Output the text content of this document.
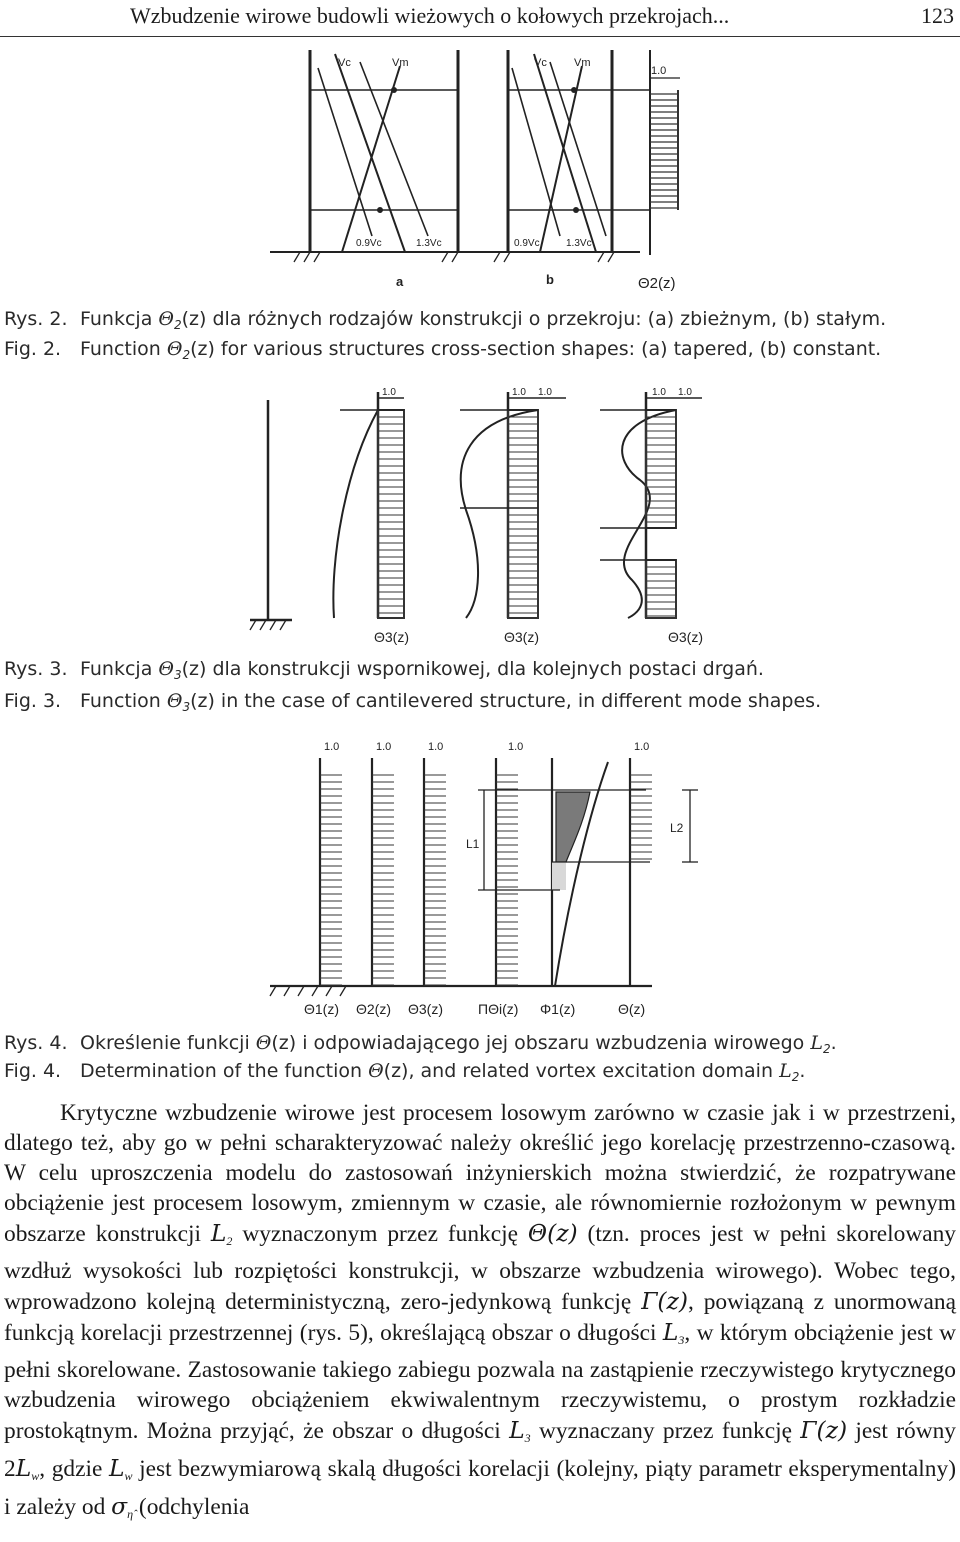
Wzbudzenie wirowe budowli wieżowych o kołowych przekrojach...	123
Vc	Vm	Vc Vm
1.0
0.9Vc	1.3Vc	0.9Vc	1.3Vc
a	b	Θ2(z)
Rys. 2. Funkcja $\Theta_2(z)$ dla różnych rodzajów konstrukcji o przekroju: (a) zbieżnym, (b) stałym.
Fig. 2. Function $\Theta_2(z)$ for various structures cross-section shapes: (a) tapered, (b) constant.
1.0	1.0 1.0	1.0 1.0
Θ3(z)	Θ3(z)	Θ3(z)
Rys. 3. Funkcja $\Theta_3(z)$ dla konstrukcji wspornikowej, dla kolejnych postaci drgań.
Fig. 3. Function $\Theta_3(z)$ in the case of cantilevered structure, in different mode shapes.
1.0	1.0	1.0	1.0	1.0
L1
L2
Θ1(z) Θ2(z) Θ3(z)	ΠΘi(z) Φ1(z)	Θ(z)
Rys. 4. Określenie funkcji Θ(z) i odpowiadającego jej obszaru wzbudzenia wirowego $L_2$.
Fig. 4. Determination of the function Θ(z), and related vortex excitation domain $L_2$.

Krytyczne wzbudzenie wirowe jest procesem losowym zarówno w czasie jak i w przestrzeni, dlatego też, aby go w pełni scharakteryzować należy określić jego korelację przestrzenno-czasową. W celu uproszczenia modelu do zastosowań inżynierskich można stwierdzić, że rozpatrywane obciążenie jest procesem losowym, zmiennym w czasie, ale równomiernie rozłożonym w pewnym obszarze konstrukcji $L_2$ wyznaczonym przez funkcję Θ(z) (tzn. proces jest w pełni skorelowany wzdłuż wysokości lub rozpiętości konstrukcji, w obszarze wzbudzenia wirowego). Wobec tego, wprowadzono kolejną deterministyczną, zero-jedynkową funkcję Γ(z), powiązaną z unormowaną funkcją korelacji przestrzennej (rys. 5), określającą obszar o długości $L_3$, w którym obciążenie jest w pełni skorelowane. Zastosowanie takiego zabiegu pozwala na zastąpienie rzeczywistego krytycznego wzbudzenia wirowego obciążeniem ekwiwalentnym rzeczywistemu, o prostym rozkładzie prostokątnym. Można przyjąć, że obszar o długości $L_3$ wyznaczany przez funkcję Γ(z) jest równy $2L_w$, gdzie $L_w$ jest bezwymiarową skalą długości korelacji (kolejny, piąty parametr eksperymentalny) i zależy od $\sigma_{\etâ}$ (odchylenia
